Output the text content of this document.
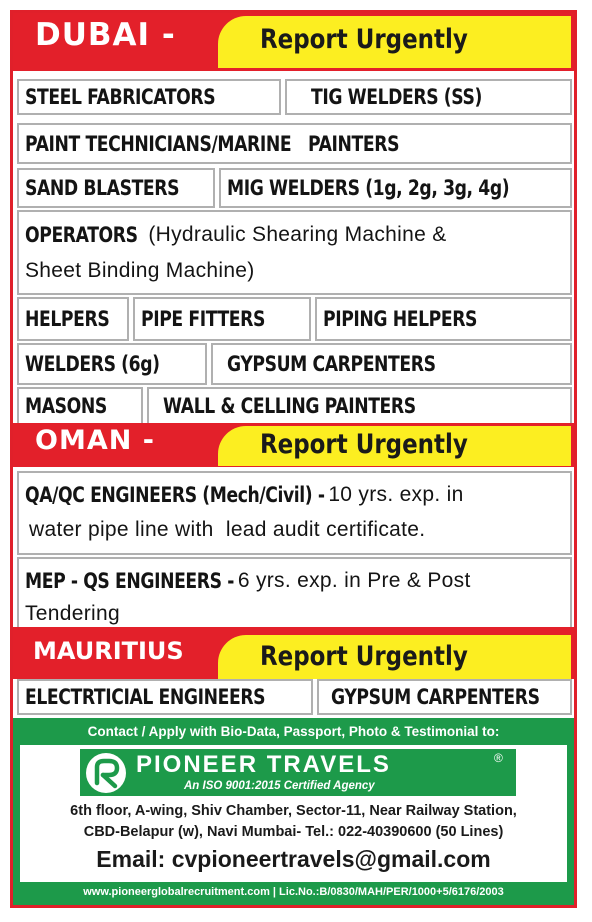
DUBAI -	Report Urgently
STEEL FABRICATORS	TIG WELDERS (SS)
PAINT TECHNICIANS/MARINE   PAINTERS
SAND BLASTERS MIG WELDERS (1g, 2g, 3g, 4g)
OPERATORS (Hydraulic Shearing Machine &
Sheet Binding Machine)
HELPERS PIPE FITTERS	PIPING HELPERS
WELDERS (6g)	GYPSUM CARPENTERS
MASONS	WALL & CELLING PAINTERS
OMAN -	Report Urgently
QA/QC ENGINEERS (Mech/Civil) - 10 yrs. exp. in
water pipe line with  lead audit certificate.
MEP - QS ENGINEERS - 6 yrs. exp. in Pre & Post
Tendering
MAURITIUS	Report Urgently
ELECTRTICIAL ENGINEERS	GYPSUM CARPENTERS
Contact / Apply with Bio-Data, Passport, Photo & Testimonial to:
PIONEER TRAVELS	®
An ISO 9001:2015 Certified Agency
6th floor, A-wing, Shiv Chamber, Sector-11, Near Railway Station,
CBD-Belapur (w), Navi Mumbai- Tel.: 022-40390600 (50 Lines)
Email: cvpioneertravels@gmail.com
www.pioneerglobalrecruitment.com | Lic.No.:B/0830/MAH/PER/1000+5/6176/2003
